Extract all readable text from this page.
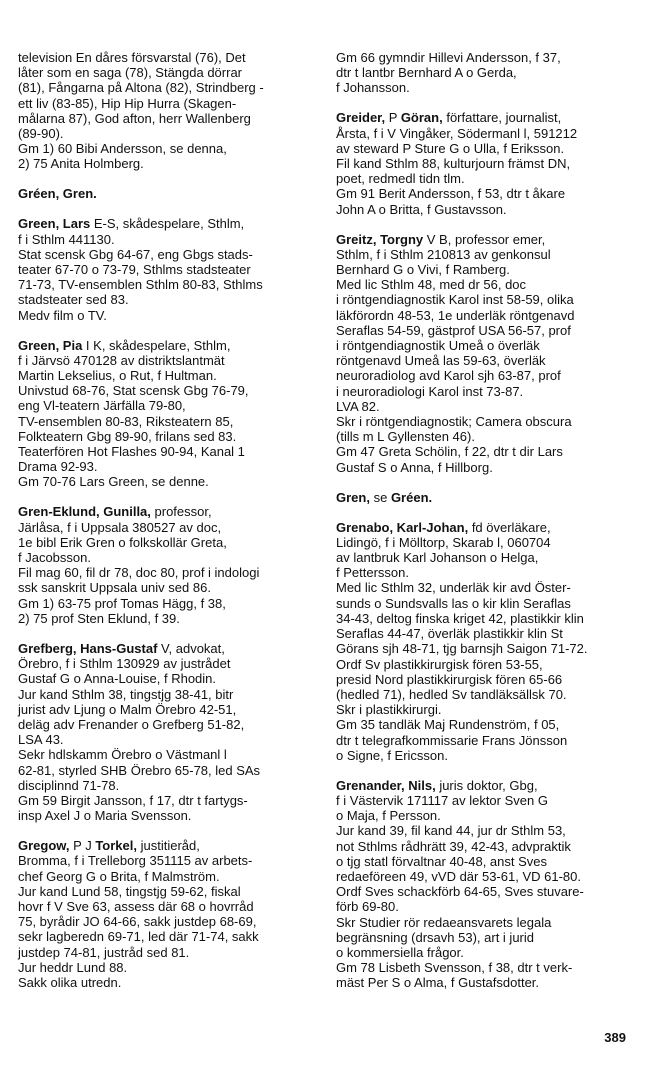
television En dåres försvarstal (76), Det

låter som en saga (78), Stängda dörrar

(81), Fångarna på Altona (82), Strindberg -

ett liv (83-85), Hip Hip Hurra (Skagen-

målarna 87), God afton, herr Wallenberg

(89-90).

Gm 1) 60 Bibi Andersson, se denna,

2) 75 Anita Holmberg.

Gréen, Gren.

Green, Lars E-S, skådespelare, Sthlm,

f i Sthlm 441130.

Stat scensk Gbg 64-67, eng Gbgs stads-

teater 67-70 o 73-79, Sthlms stadsteater

71-73, TV-ensemblen Sthlm 80-83, Sthlms

stadsteater sed 83.

Medv film o TV.

Green, Pia I K, skådespelare, Sthlm,

f i Järvsö 470128 av distriktslantmät

Martin Lekselius, o Rut, f Hultman.

Univstud 68-76, Stat scensk Gbg 76-79,

eng Vl-teatern Järfälla 79-80,

TV-ensemblen 80-83, Riksteatern 85,

Folkteatern Gbg 89-90, frilans sed 83.

Teaterfören Hot Flashes 90-94, Kanal 1

Drama 92-93.

Gm 70-76 Lars Green, se denne.

Gren-Eklund, Gunilla, professor,

Järlåsa, f i Uppsala 380527 av doc,

1e bibl Erik Gren o folkskollär Greta,

f Jacobsson.

Fil mag 60, fil dr 78, doc 80, prof i indologi

ssk sanskrit Uppsala univ sed 86.

Gm 1) 63-75 prof Tomas Hägg, f 38,

2) 75 prof Sten Eklund, f 39.

Grefberg, Hans-Gustaf V, advokat,

Örebro, f i Sthlm 130929 av justrådet

Gustaf G o Anna-Louise, f Rhodin.

Jur kand Sthlm 38, tingstjg 38-41, bitr

jurist adv Ljung o Malm Örebro 42-51,

deläg adv Frenander o Grefberg 51-82,

LSA 43.

Sekr hdlskamm Örebro o Västmanl l

62-81, styrled SHB Örebro 65-78, led SAs

disciplinnd 71-78.

Gm 59 Birgit Jansson, f 17, dtr t fartygs-

insp Axel J o Maria Svensson.

Gregow, P J Torkel, justitieråd,

Bromma, f i Trelleborg 351115 av arbets-

chef Georg G o Brita, f Malmström.

Jur kand Lund 58, tingstjg 59-62, fiskal

hovr f V Sve 63, assess där 68 o hovrråd

75, byrådir JO 64-66, sakk justdep 68-69,

sekr lagberedn 69-71, led där 71-74, sakk

justdep 74-81, justråd sed 81.

Jur heddr Lund 88.

Sakk olika utredn.

Gm 66 gymndir Hillevi Andersson, f 37,

dtr t lantbr Bernhard A o Gerda,

f Johansson.

Greider, P Göran, författare, journalist,

Årsta, f i V Vingåker, Södermanl l, 591212

av steward P Sture G o Ulla, f Eriksson.

Fil kand Sthlm 88, kulturjourn främst DN,

poet, redmedl tidn tlm.

Gm 91 Berit Andersson, f 53, dtr t åkare

John A o Britta, f Gustavsson.

Greitz, Torgny V B, professor emer,

Sthlm, f i Sthlm 210813 av genkonsul

Bernhard G o Vivi, f Ramberg.

Med lic Sthlm 48, med dr 56, doc

i röntgendiagnostik Karol inst 58-59, olika

läkförordn 48-53, 1e underläk röntgenavd

Seraflas 54-59, gästprof USA 56-57, prof

i röntgendiagnostik Umeå o överläk

röntgenavd Umeå las 59-63, överläk

neuroradiolog avd Karol sjh 63-87, prof

i neuroradiologi Karol inst 73-87.

LVA 82.

Skr i röntgendiagnostik; Camera obscura

(tills m L Gyllensten 46).

Gm 47 Greta Schölin, f 22, dtr t dir Lars

Gustaf S o Anna, f Hillborg.

Gren, se Gréen.

Grenabo, Karl-Johan, fd överläkare,

Lidingö, f i Mölltorp, Skarab l, 060704

av lantbruk Karl Johanson o Helga,

f Pettersson.

Med lic Sthlm 32, underläk kir avd Öster-

sunds o Sundsvalls las o kir klin Seraflas

34-43, deltog finska kriget 42, plastikkir klin

Seraflas 44-47, överläk plastikkir klin St

Görans sjh 48-71, tjg barnsjh Saigon 71-72.

Ordf Sv plastikkirurgisk fören 53-55,

presid Nord plastikkirurgisk fören 65-66

(hedled 71), hedled Sv tandläksällsk 70.

Skr i plastikkirurgi.

Gm 35 tandläk Maj Rundenström, f 05,

dtr t telegrafkommissarie Frans Jönsson

o Signe, f Ericsson.

Grenander, Nils, juris doktor, Gbg,

f i Västervik 171117 av lektor Sven G

o Maja, f Persson.

Jur kand 39, fil kand 44, jur dr Sthlm 53,

not Sthlms rådhrätt 39, 42-43, advpraktik

o tjg statl förvaltnar 40-48, anst Sves

redaeföreen 49, vVD där 53-61, VD 61-80.

Ordf Sves schackförb 64-65, Sves stuvare-

förb 69-80.

Skr Studier rör redaeansvarets legala

begränsning (drsavh 53), art i jurid

o kommersiella frågor.

Gm 78 Lisbeth Svensson, f 38, dtr t verk-

mäst Per S o Alma, f Gustafsdotter.

389
